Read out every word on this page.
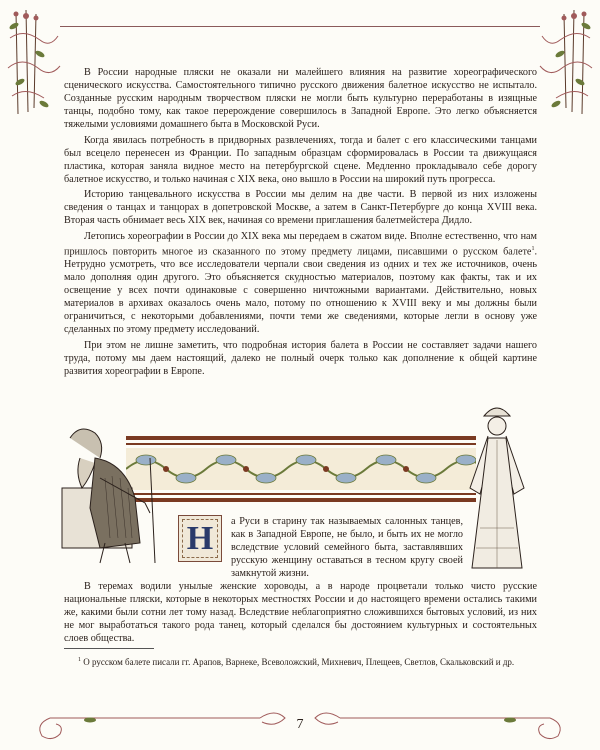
В России народные пляски не оказали ни малейшего влияния на развитие хореографического сценического искусства. Самостоятельного типично русского движения балетное искусство не испытало. Созданные русским народным творчеством пляски не могли быть культурно переработаны в изящные танцы, подобно тому, как такое перерождение совершилось в Западной Европе. Это легко объясняется тяжелыми условиями домашнего быта в Московской Руси.

Когда явилась потребность в придворных развлечениях, тогда и балет с его классическими танцами был всецело перенесен из Франции. По западным образцам сформировалась в России та движущаяся пластика, которая заняла видное место на петербургской сцене. Медленно прокладывало себе дорогу балетное искусство, и только начиная с XIX века, оно вышло в России на широкий путь прогресса.

Историю танцевального искусства в России мы делим на две части. В первой из них изложены сведения о танцах и танцорах в допетровской Москве, а затем в Санкт-Петербурге до конца XVIII века. Вторая часть обнимает весь XIX век, начиная со времени приглашения балетмейстера Дидло.

Летопись хореографии в России до XIX века мы передаем в сжатом виде. Вполне естественно, что нам пришлось повторить многое из сказанного по этому предмету лицами, писавшими о русском балете$^1$. Нетрудно усмотреть, что все исследователи черпали свои сведения из одних и тех же источников, очень мало дополняя один другого. Это объясняется скудностью материалов, поэтому как факты, так и их освещение у всех почти одинаковые с совершенно ничтожными вариантами. Действительно, новых материалов в архивах оказалось очень мало, потому по отношению к XVIII веку и мы должны были ограничиться, с некоторыми добавлениями, почти теми же сведениями, которые легли в основу уже сделанных по этому предмету исследований.

При этом не лишне заметить, что подробная история балета в России не составляет задачи нашего труда, потому мы даем настоящий, далеко не полный очерк только как дополнение к общей картине развития хореографии в Европе.

Н а Руси в старину так называемых салонных танцев, как в Западной Европе, не было, и быть их не могло вследствие условий семейного быта, заставлявших русскую женщину оставаться в тесном кругу своей замкнутой жизни.

В теремах водили унылые женские хороводы, а в народе процветали только чисто русские национальные пляски, которые в некоторых местностях России и до настоящего времени остались такими же, какими были сотни лет тому назад. Вследствие неблагоприятно сложившихся бытовых условий, из них не мог выработаться такого рода танец, который сделался бы достоянием культурных и состоятельных слоев общества.

$^1$ О русском балете писали гг. Арапов, Варнеке, Всеволожский, Михневич, Плещеев, Светлов, Скальковский и др.

7
